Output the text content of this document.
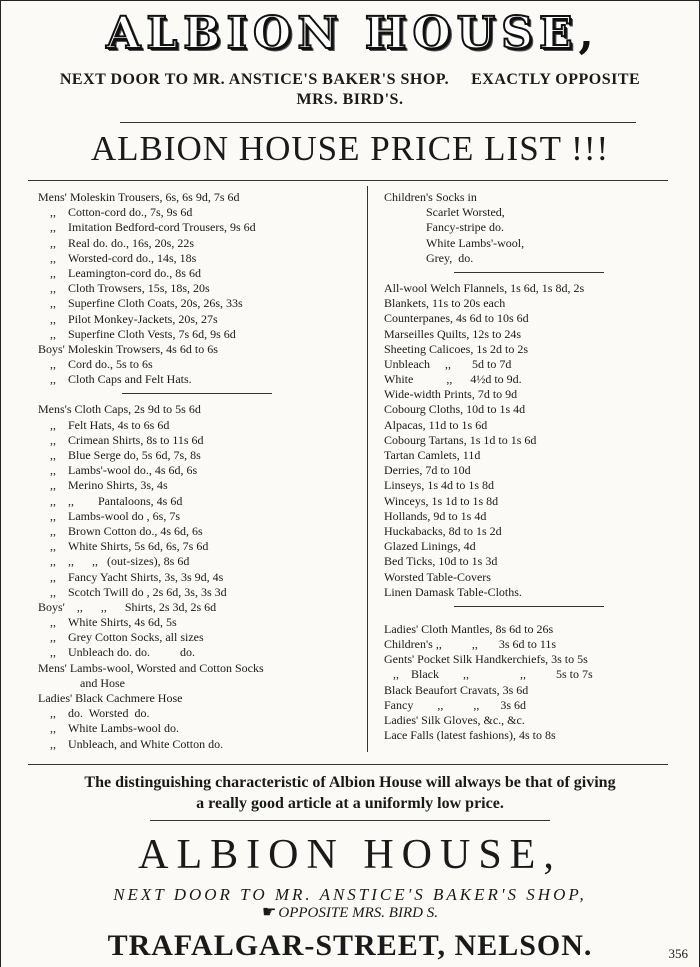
ALBION HOUSE,
NEXT DOOR TO MR. ANSTICE'S BAKER'S SHOP. EXACTLY OPPOSITE
MRS. BIRD'S.
ALBION HOUSE PRICE LIST !!!
Mens' Moleskin Trousers, 6s, 6s 9d, 7s 6d
,, Cotton-cord do., 7s, 9s 6d
,, Imitation Bedford-cord Trousers, 9s 6d
,, Real do. do., 16s, 20s, 22s
,, Worsted-cord do., 14s, 18s
,, Leamington-cord do., 8s 6d
,, Cloth Trowsers, 15s, 18s, 20s
,, Superfine Cloth Coats, 20s, 26s, 33s
,, Pilot Monkey-Jackets, 20s, 27s
,, Superfine Cloth Vests, 7s 6d, 9s 6d
Boys' Moleskin Trowsers, 4s 6d to 6s
,, Cord do., 5s to 6s
,, Cloth Caps and Felt Hats.
Mens's Cloth Caps, 2s 9d to 5s 6d
,, Felt Hats, 4s to 6s 6d
,, Crimean Shirts, 8s to 11s 6d
,, Blue Serge do, 5s 6d, 7s, 8s
,, Lambs'-wool do., 4s 6d, 6s
,, Merino Shirts, 3s, 4s
,, ,,        Pantaloons, 4s 6d
,, Lambs-wool do , 6s, 7s
,, Brown Cotton do., 4s 6d, 6s
,, White Shirts, 5s 6d, 6s, 7s 6d
,, ,,      ,,   (out-sizes), 8s 6d
,, Fancy Yacht Shirts, 3s, 3s 9d, 4s
,, Scotch Twill do , 2s 6d, 3s, 3s 3d
Boys'    ,,      ,,      Shirts, 2s 3d, 2s 6d
,, White Shirts, 4s 6d, 5s
,, Grey Cotton Socks, all sizes
,, Unbleach do. do.          do.
Mens' Lambs-wool, Worsted and Cotton Socks
and Hose
Ladies' Black Cachmere Hose
,, do.  Worsted  do.
,, White Lambs-wool do.
,, Unbleach, and White Cotton do.
Children's Socks in
Scarlet Worsted,
Fancy-stripe do.
White Lambs'-wool,
Grey,  do.
All-wool Welch Flannels, 1s 6d, 1s 8d, 2s
Blankets, 11s to 20s each
Counterpanes, 4s 6d to 10s 6d
Marseilles Quilts, 12s to 24s
Sheeting Calicoes, 1s 2d to 2s
Unbleach     ,,       5d to 7d
White           ,,      4½d to 9d.
Wide-width Prints, 7d to 9d
Cobourg Cloths, 10d to 1s 4d
Alpacas, 11d to 1s 6d
Cobourg Tartans, 1s 1d to 1s 6d
Tartan Camlets, 11d
Derries, 7d to 10d
Linseys, 1s 4d to 1s 8d
Winceys, 1s 1d to 1s 8d
Hollands, 9d to 1s 4d
Huckabacks, 8d to 1s 2d
Glazed Linings, 4d
Bed Ticks, 10d to 1s 3d
Worsted Table-Covers
Linen Damask Table-Cloths.
Ladies' Cloth Mantles, 8s 6d to 26s
Children's ,,          ,,       3s 6d to 11s
Gents' Pocket Silk Handkerchiefs, 3s to 5s
,,    Black        ,,                 ,,          5s to 7s
Black Beaufort Cravats, 3s 6d
Fancy        ,,          ,,       3s 6d
Ladies' Silk Gloves, &c., &c.
Lace Falls (latest fashions), 4s to 8s
The distinguishing characteristic of Albion House will always be that of giving
a really good article at a uniformly low price.
ALBION HOUSE,
NEXT DOOR TO MR. ANSTICE'S BAKER'S SHOP,
☛ OPPOSITE MRS. BIRD S.
TRAFALGAR-STREET, NELSON.	356
